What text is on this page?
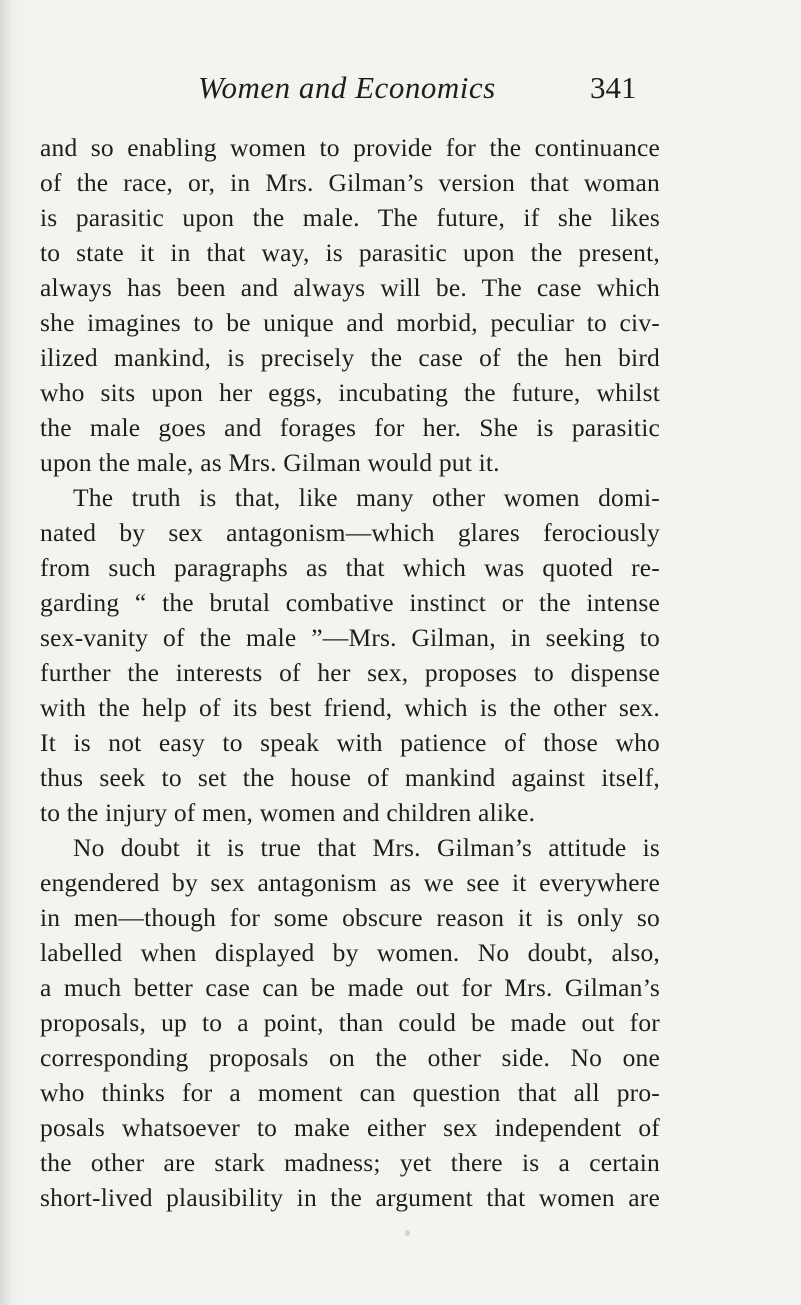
Women and Economics	341
and so enabling women to provide for the continuance
of the race, or, in Mrs. Gilman’s version that woman
is parasitic upon the male. The future, if she likes
to state it in that way, is parasitic upon the present,
always has been and always will be. The case which
she imagines to be unique and morbid, peculiar to civ-
ilized mankind, is precisely the case of the hen bird
who sits upon her eggs, incubating the future, whilst
the male goes and forages for her. She is parasitic
upon the male, as Mrs. Gilman would put it.
The truth is that, like many other women domi-
nated by sex antagonism—which glares ferociously
from such paragraphs as that which was quoted re-
garding “ the brutal combative instinct or the intense
sex-vanity of the male ”—Mrs. Gilman, in seeking to
further the interests of her sex, proposes to dispense
with the help of its best friend, which is the other sex.
It is not easy to speak with patience of those who
thus seek to set the house of mankind against itself,
to the injury of men, women and children alike.
No doubt it is true that Mrs. Gilman’s attitude is
engendered by sex antagonism as we see it everywhere
in men—though for some obscure reason it is only so
labelled when displayed by women. No doubt, also,
a much better case can be made out for Mrs. Gilman’s
proposals, up to a point, than could be made out for
corresponding proposals on the other side. No one
who thinks for a moment can question that all pro-
posals whatsoever to make either sex independent of
the other are stark madness; yet there is a certain
short-lived plausibility in the argument that women are
